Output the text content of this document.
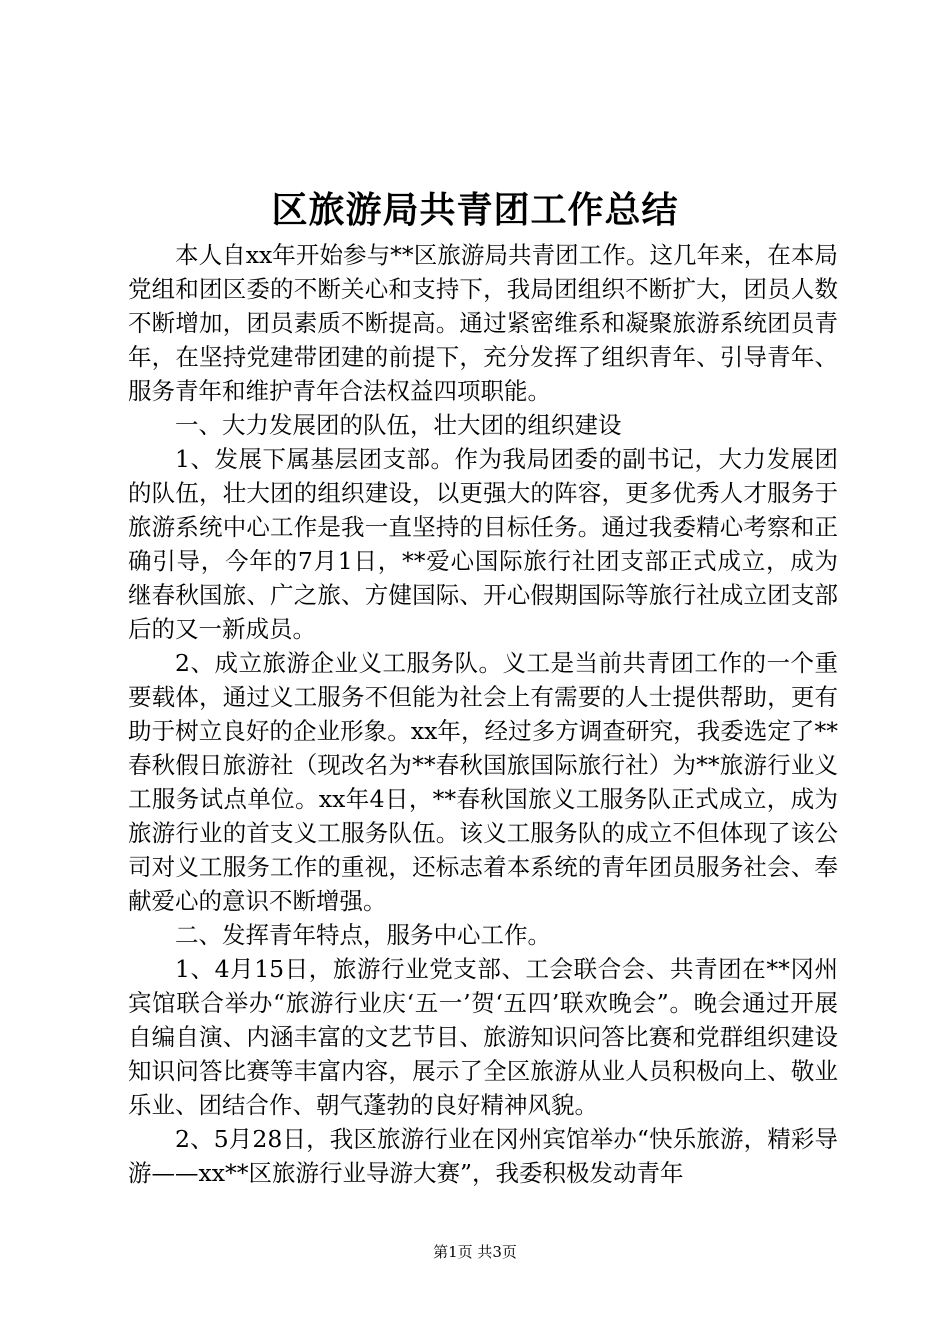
区旅游局共青团工作总结

本人自xx年开始参与**区旅游局共青团工作。这几年来，在本局党组和团区委的不断关心和支持下，我局团组织不断扩大，团员人数不断增加，团员素质不断提高。通过紧密维系和凝聚旅游系统团员青年，在坚持党建带团建的前提下，充分发挥了组织青年、引导青年、服务青年和维护青年合法权益四项职能。

一、大力发展团的队伍，壮大团的组织建设

1、发展下属基层团支部。作为我局团委的副书记，大力发展团的队伍，壮大团的组织建设，以更强大的阵容，更多优秀人才服务于旅游系统中心工作是我一直坚持的目标任务。通过我委精心考察和正确引导，今年的7月1日，**爱心国际旅行社团支部正式成立，成为继春秋国旅、广之旅、方健国际、开心假期国际等旅行社成立团支部后的又一新成员。

2、成立旅游企业义工服务队。义工是当前共青团工作的一个重要载体，通过义工服务不但能为社会上有需要的人士提供帮助，更有助于树立良好的企业形象。xx年，经过多方调查研究，我委选定了**春秋假日旅游社（现改名为**春秋国旅国际旅行社）为**旅游行业义工服务试点单位。xx年4日，**春秋国旅义工服务队正式成立，成为旅游行业的首支义工服务队伍。该义工服务队的成立不但体现了该公司对义工服务工作的重视，还标志着本系统的青年团员服务社会、奉献爱心的意识不断增强。

二、发挥青年特点，服务中心工作。

1、4月15日，旅游行业党支部、工会联合会、共青团在**冈州宾馆联合举办“旅游行业庆‘五一’贺‘五四’联欢晚会”。晚会通过开展自编自演、内涵丰富的文艺节目、旅游知识问答比赛和党群组织建设知识问答比赛等丰富内容，展示了全区旅游从业人员积极向上、敬业乐业、团结合作、朝气蓬勃的良好精神风貌。

2、5月28日，我区旅游行业在冈州宾馆举办“快乐旅游，精彩导游——xx**区旅游行业导游大赛”，我委积极发动青年

第1页 共3页
